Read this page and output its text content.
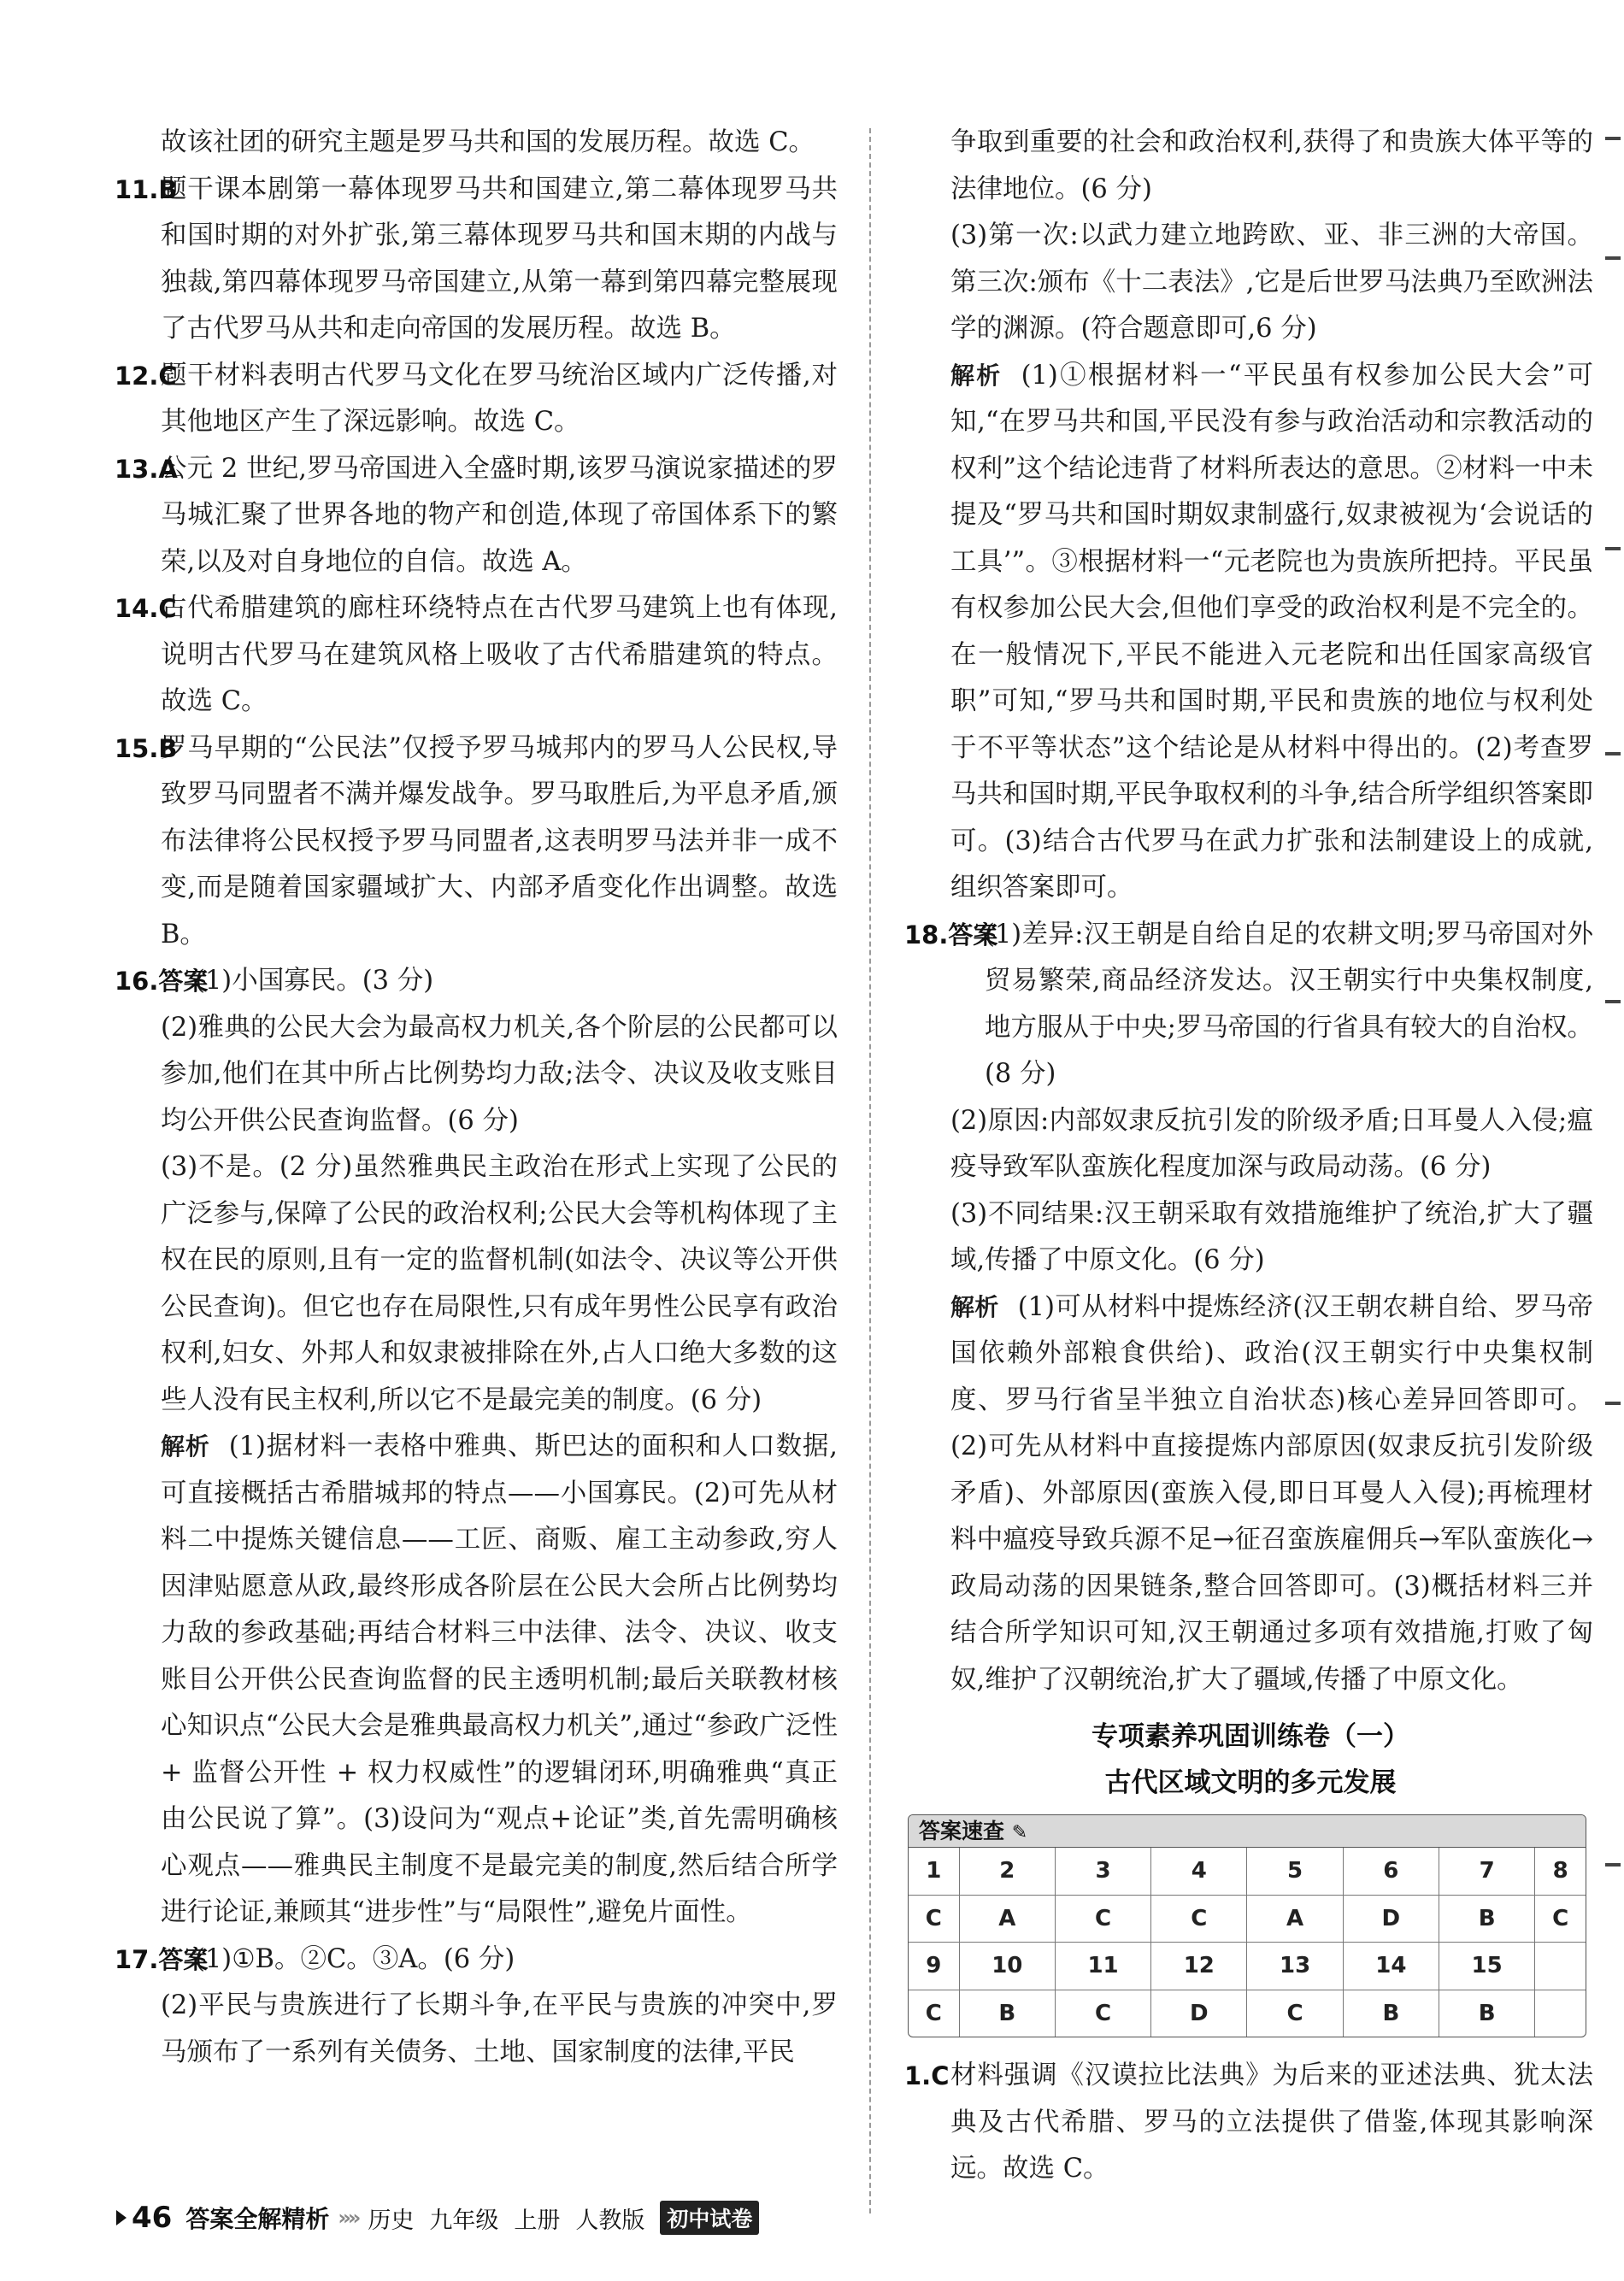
故该社团的研究主题是罗马共和国的发展历程。故选 C。
11.B
题干课本剧第一幕体现罗马共和国建立,第二幕体现罗马共和国时期的对外扩张,第三幕体现罗马共和国末期的内战与独裁,第四幕体现罗马帝国建立,从第一幕到第四幕完整展现了古代罗马从共和走向帝国的发展历程。故选 B。
12.C
题干材料表明古代罗马文化在罗马统治区域内广泛传播,对其他地区产生了深远影响。故选 C。
13.A
公元 2 世纪,罗马帝国进入全盛时期,该罗马演说家描述的罗马城汇聚了世界各地的物产和创造,体现了帝国体系下的繁荣,以及对自身地位的自信。故选 A。
14.C
古代希腊建筑的廊柱环绕特点在古代罗马建筑上也有体现,说明古代罗马在建筑风格上吸收了古代希腊建筑的特点。故选 C。
15.B
罗马早期的“公民法”仅授予罗马城邦内的罗马人公民权,导致罗马同盟者不满并爆发战争。罗马取胜后,为平息矛盾,颁布法律将公民权授予罗马同盟者,这表明罗马法并非一成不变,而是随着国家疆域扩大、内部矛盾变化作出调整。故选 B。
16.答案
(1)小国寡民。(3 分)
(2)雅典的公民大会为最高权力机关,各个阶层的公民都可以参加,他们在其中所占比例势均力敌;法令、决议及收支账目均公开供公民查询监督。(6 分)
(3)不是。(2 分)虽然雅典民主政治在形式上实现了公民的广泛参与,保障了公民的政治权利;公民大会等机构体现了主权在民的原则,且有一定的监督机制(如法令、决议等公开供公民查询)。但它也存在局限性,只有成年男性公民享有政治权利,妇女、外邦人和奴隶被排除在外,占人口绝大多数的这些人没有民主权利,所以它不是最完美的制度。(6 分)
解析 (1)据材料一表格中雅典、斯巴达的面积和人口数据,可直接概括古希腊城邦的特点——小国寡民。(2)可先从材料二中提炼关键信息——工匠、商贩、雇工主动参政,穷人因津贴愿意从政,最终形成各阶层在公民大会所占比例势均力敌的参政基础;再结合材料三中法律、法令、决议、收支账目公开供公民查询监督的民主透明机制;最后关联教材核心知识点“公民大会是雅典最高权力机关”,通过“参政广泛性 + 监督公开性 + 权力权威性”的逻辑闭环,明确雅典“真正由公民说了算”。(3)设问为“观点+论证”类,首先需明确核心观点——雅典民主制度不是最完美的制度,然后结合所学进行论证,兼顾其“进步性”与“局限性”,避免片面性。
17.答案
(1)①B。②C。③A。(6 分)
(2)平民与贵族进行了长期斗争,在平民与贵族的冲突中,罗马颁布了一系列有关债务、土地、国家制度的法律,平民
争取到重要的社会和政治权利,获得了和贵族大体平等的法律地位。(6 分)
(3)第一次:以武力建立地跨欧、亚、非三洲的大帝国。第三次:颁布《十二表法》,它是后世罗马法典乃至欧洲法学的渊源。(符合题意即可,6 分)
解析 (1)①根据材料一“平民虽有权参加公民大会”可知,“在罗马共和国,平民没有参与政治活动和宗教活动的权利”这个结论违背了材料所表达的意思。②材料一中未提及“罗马共和国时期奴隶制盛行,奴隶被视为‘会说话的工具’”。③根据材料一“元老院也为贵族所把持。平民虽有权参加公民大会,但他们享受的政治权利是不完全的。在一般情况下,平民不能进入元老院和出任国家高级官职”可知,“罗马共和国时期,平民和贵族的地位与权利处于不平等状态”这个结论是从材料中得出的。(2)考查罗马共和国时期,平民争取权利的斗争,结合所学组织答案即可。(3)结合古代罗马在武力扩张和法制建设上的成就,组织答案即可。
18.答案
(1)差异:汉王朝是自给自足的农耕文明;罗马帝国对外贸易繁荣,商品经济发达。汉王朝实行中央集权制度,地方服从于中央;罗马帝国的行省具有较大的自治权。(8 分)
(2)原因:内部奴隶反抗引发的阶级矛盾;日耳曼人入侵;瘟疫导致军队蛮族化程度加深与政局动荡。(6 分)
(3)不同结果:汉王朝采取有效措施维护了统治,扩大了疆域,传播了中原文化。(6 分)
解析 (1)可从材料中提炼经济(汉王朝农耕自给、罗马帝国依赖外部粮食供给)、政治(汉王朝实行中央集权制度、罗马行省呈半独立自治状态)核心差异回答即可。(2)可先从材料中直接提炼内部原因(奴隶反抗引发阶级矛盾)、外部原因(蛮族入侵,即日耳曼人入侵);再梳理材料中瘟疫导致兵源不足→征召蛮族雇佣兵→军队蛮族化→政局动荡的因果链条,整合回答即可。(3)概括材料三并结合所学知识可知,汉王朝通过多项有效措施,打败了匈奴,维护了汉朝统治,扩大了疆域,传播了中原文化。
专项素养巩固训练卷（一）
古代区域文明的多元发展
答案速查 ✎
1	2	3	4	5	6	7	8
C	A	C	C	A	D	B	C
9	10	11	12	13	14	15	
C	B	C	D	C	B	B	
1.C 材料强调《汉谟拉比法典》为后来的亚述法典、犹太法典及古代希腊、罗马的立法提供了借鉴,体现其影响深远。故选 C。
46 答案全解精析 »» 历史 九年级 上册 人教版	初中试卷
